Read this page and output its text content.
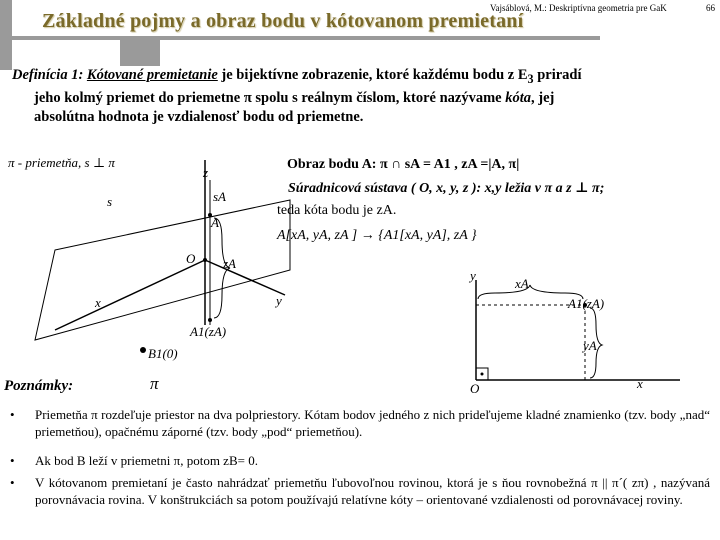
Vajsáblová, M.: Deskriptívna geometria pre GaK	66
Základné pojmy a obraz bodu v kótovanom premietaní
Definícia 1: Kótované premietanie je bijektívne zobrazenie, ktoré každému bodu z $E_3$ priradí
jeho kolmý priemet do priemetne π spolu s reálnym číslom, ktoré nazývame kóta, jej
absolútna hodnota je vzdialenosť bodu od priemetne.
π - priemetňa, s ⊥ π
z
s	sA
A
O zA
y
x
A1(zA)
B1(0)
π
Obraz bodu A: π ∩ sA = A1 , zA =|A, π|
Súradnicová sústava ( O, x, y, z ): x,y ležia v π a z ⊥ π;
teda kóta bodu je zA.
A[xA, yA, zA ] → {A1[xA, yA], zA }
y
xA
A1(zA)
yA
O	x
Poznámky:
•	Priemetňa π rozdeľuje priestor na dva polpriestory. Kótam bodov jedného z nich prideľujeme kladné znamienko (tzv. body „nad“ priemetňou), opačnému záporné (tzv. body „pod“ priemetňou).
•	Ak bod B leží v priemetni π, potom zB= 0.
•	V kótovanom premietaní je často nahrádzať priemetňu ľubovoľnou rovinou, ktorá je s ňou rovnobežná π || π´( zπ) , nazývaná porovnávacia rovina. V konštrukciách sa potom používajú relatívne kóty – orientované vzdialenosti od porovnávacej roviny.
